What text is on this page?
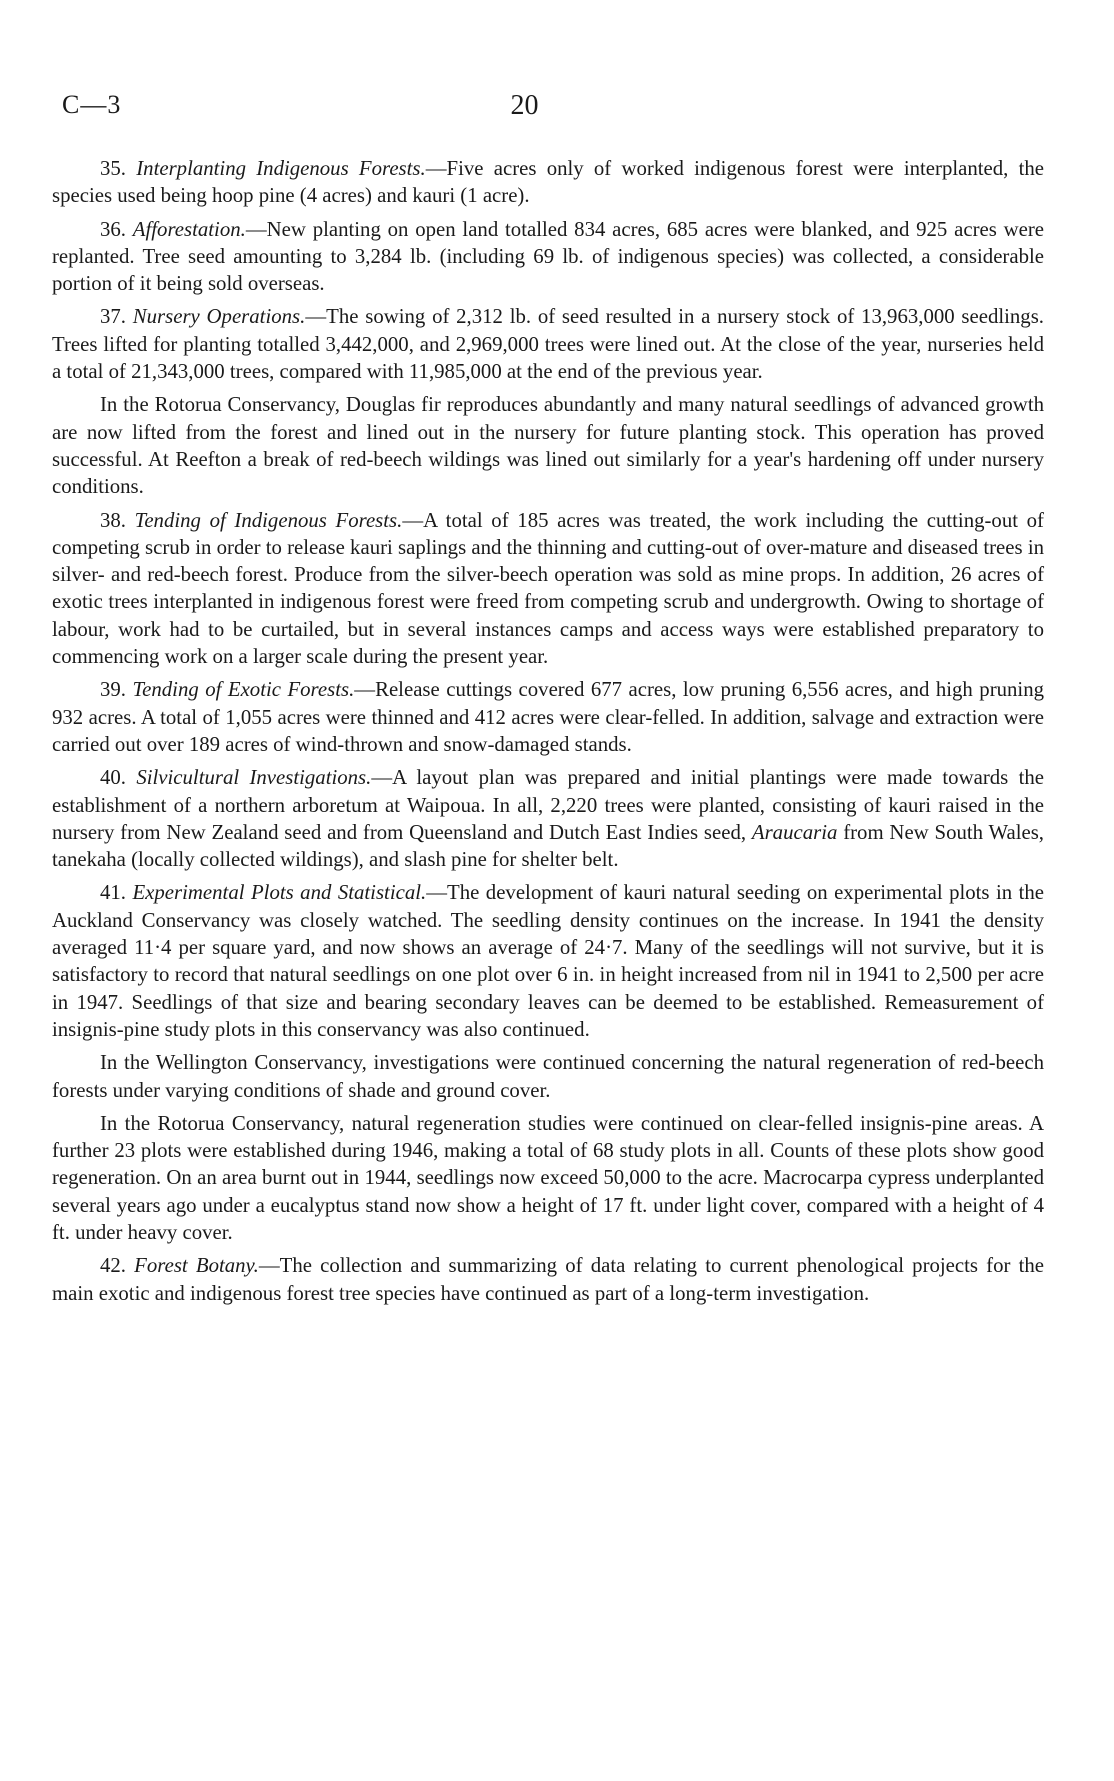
C—3	20

35. Interplanting Indigenous Forests.—Five acres only of worked indigenous forest were interplanted, the species used being hoop pine (4 acres) and kauri (1 acre).

36. Afforestation.—New planting on open land totalled 834 acres, 685 acres were blanked, and 925 acres were replanted. Tree seed amounting to 3,284 lb. (including 69 lb. of indigenous species) was collected, a considerable portion of it being sold overseas.

37. Nursery Operations.—The sowing of 2,312 lb. of seed resulted in a nursery stock of 13,963,000 seedlings. Trees lifted for planting totalled 3,442,000, and 2,969,000 trees were lined out. At the close of the year, nurseries held a total of 21,343,000 trees, compared with 11,985,000 at the end of the previous year.

In the Rotorua Conservancy, Douglas fir reproduces abundantly and many natural seedlings of advanced growth are now lifted from the forest and lined out in the nursery for future planting stock. This operation has proved successful. At Reefton a break of red-beech wildings was lined out similarly for a year's hardening off under nursery conditions.

38. Tending of Indigenous Forests.—A total of 185 acres was treated, the work including the cutting-out of competing scrub in order to release kauri saplings and the thinning and cutting-out of over-mature and diseased trees in silver- and red-beech forest. Produce from the silver-beech operation was sold as mine props. In addition, 26 acres of exotic trees interplanted in indigenous forest were freed from competing scrub and undergrowth. Owing to shortage of labour, work had to be curtailed, but in several instances camps and access ways were established preparatory to commencing work on a larger scale during the present year.

39. Tending of Exotic Forests.—Release cuttings covered 677 acres, low pruning 6,556 acres, and high pruning 932 acres. A total of 1,055 acres were thinned and 412 acres were clear-felled. In addition, salvage and extraction were carried out over 189 acres of wind-thrown and snow-damaged stands.

40. Silvicultural Investigations.—A layout plan was prepared and initial plantings were made towards the establishment of a northern arboretum at Waipoua. In all, 2,220 trees were planted, consisting of kauri raised in the nursery from New Zealand seed and from Queensland and Dutch East Indies seed, Araucaria from New South Wales, tanekaha (locally collected wildings), and slash pine for shelter belt.

41. Experimental Plots and Statistical.—The development of kauri natural seeding on experimental plots in the Auckland Conservancy was closely watched. The seedling density continues on the increase. In 1941 the density averaged 11·4 per square yard, and now shows an average of 24·7. Many of the seedlings will not survive, but it is satisfactory to record that natural seedlings on one plot over 6 in. in height increased from nil in 1941 to 2,500 per acre in 1947. Seedlings of that size and bearing secondary leaves can be deemed to be established. Remeasurement of insignis-pine study plots in this conservancy was also continued.

In the Wellington Conservancy, investigations were continued concerning the natural regeneration of red-beech forests under varying conditions of shade and ground cover.

In the Rotorua Conservancy, natural regeneration studies were continued on clear-felled insignis-pine areas. A further 23 plots were established during 1946, making a total of 68 study plots in all. Counts of these plots show good regeneration. On an area burnt out in 1944, seedlings now exceed 50,000 to the acre. Macrocarpa cypress underplanted several years ago under a eucalyptus stand now show a height of 17 ft. under light cover, compared with a height of 4 ft. under heavy cover.

42. Forest Botany.—The collection and summarizing of data relating to current phenological projects for the main exotic and indigenous forest tree species have continued as part of a long-term investigation.
